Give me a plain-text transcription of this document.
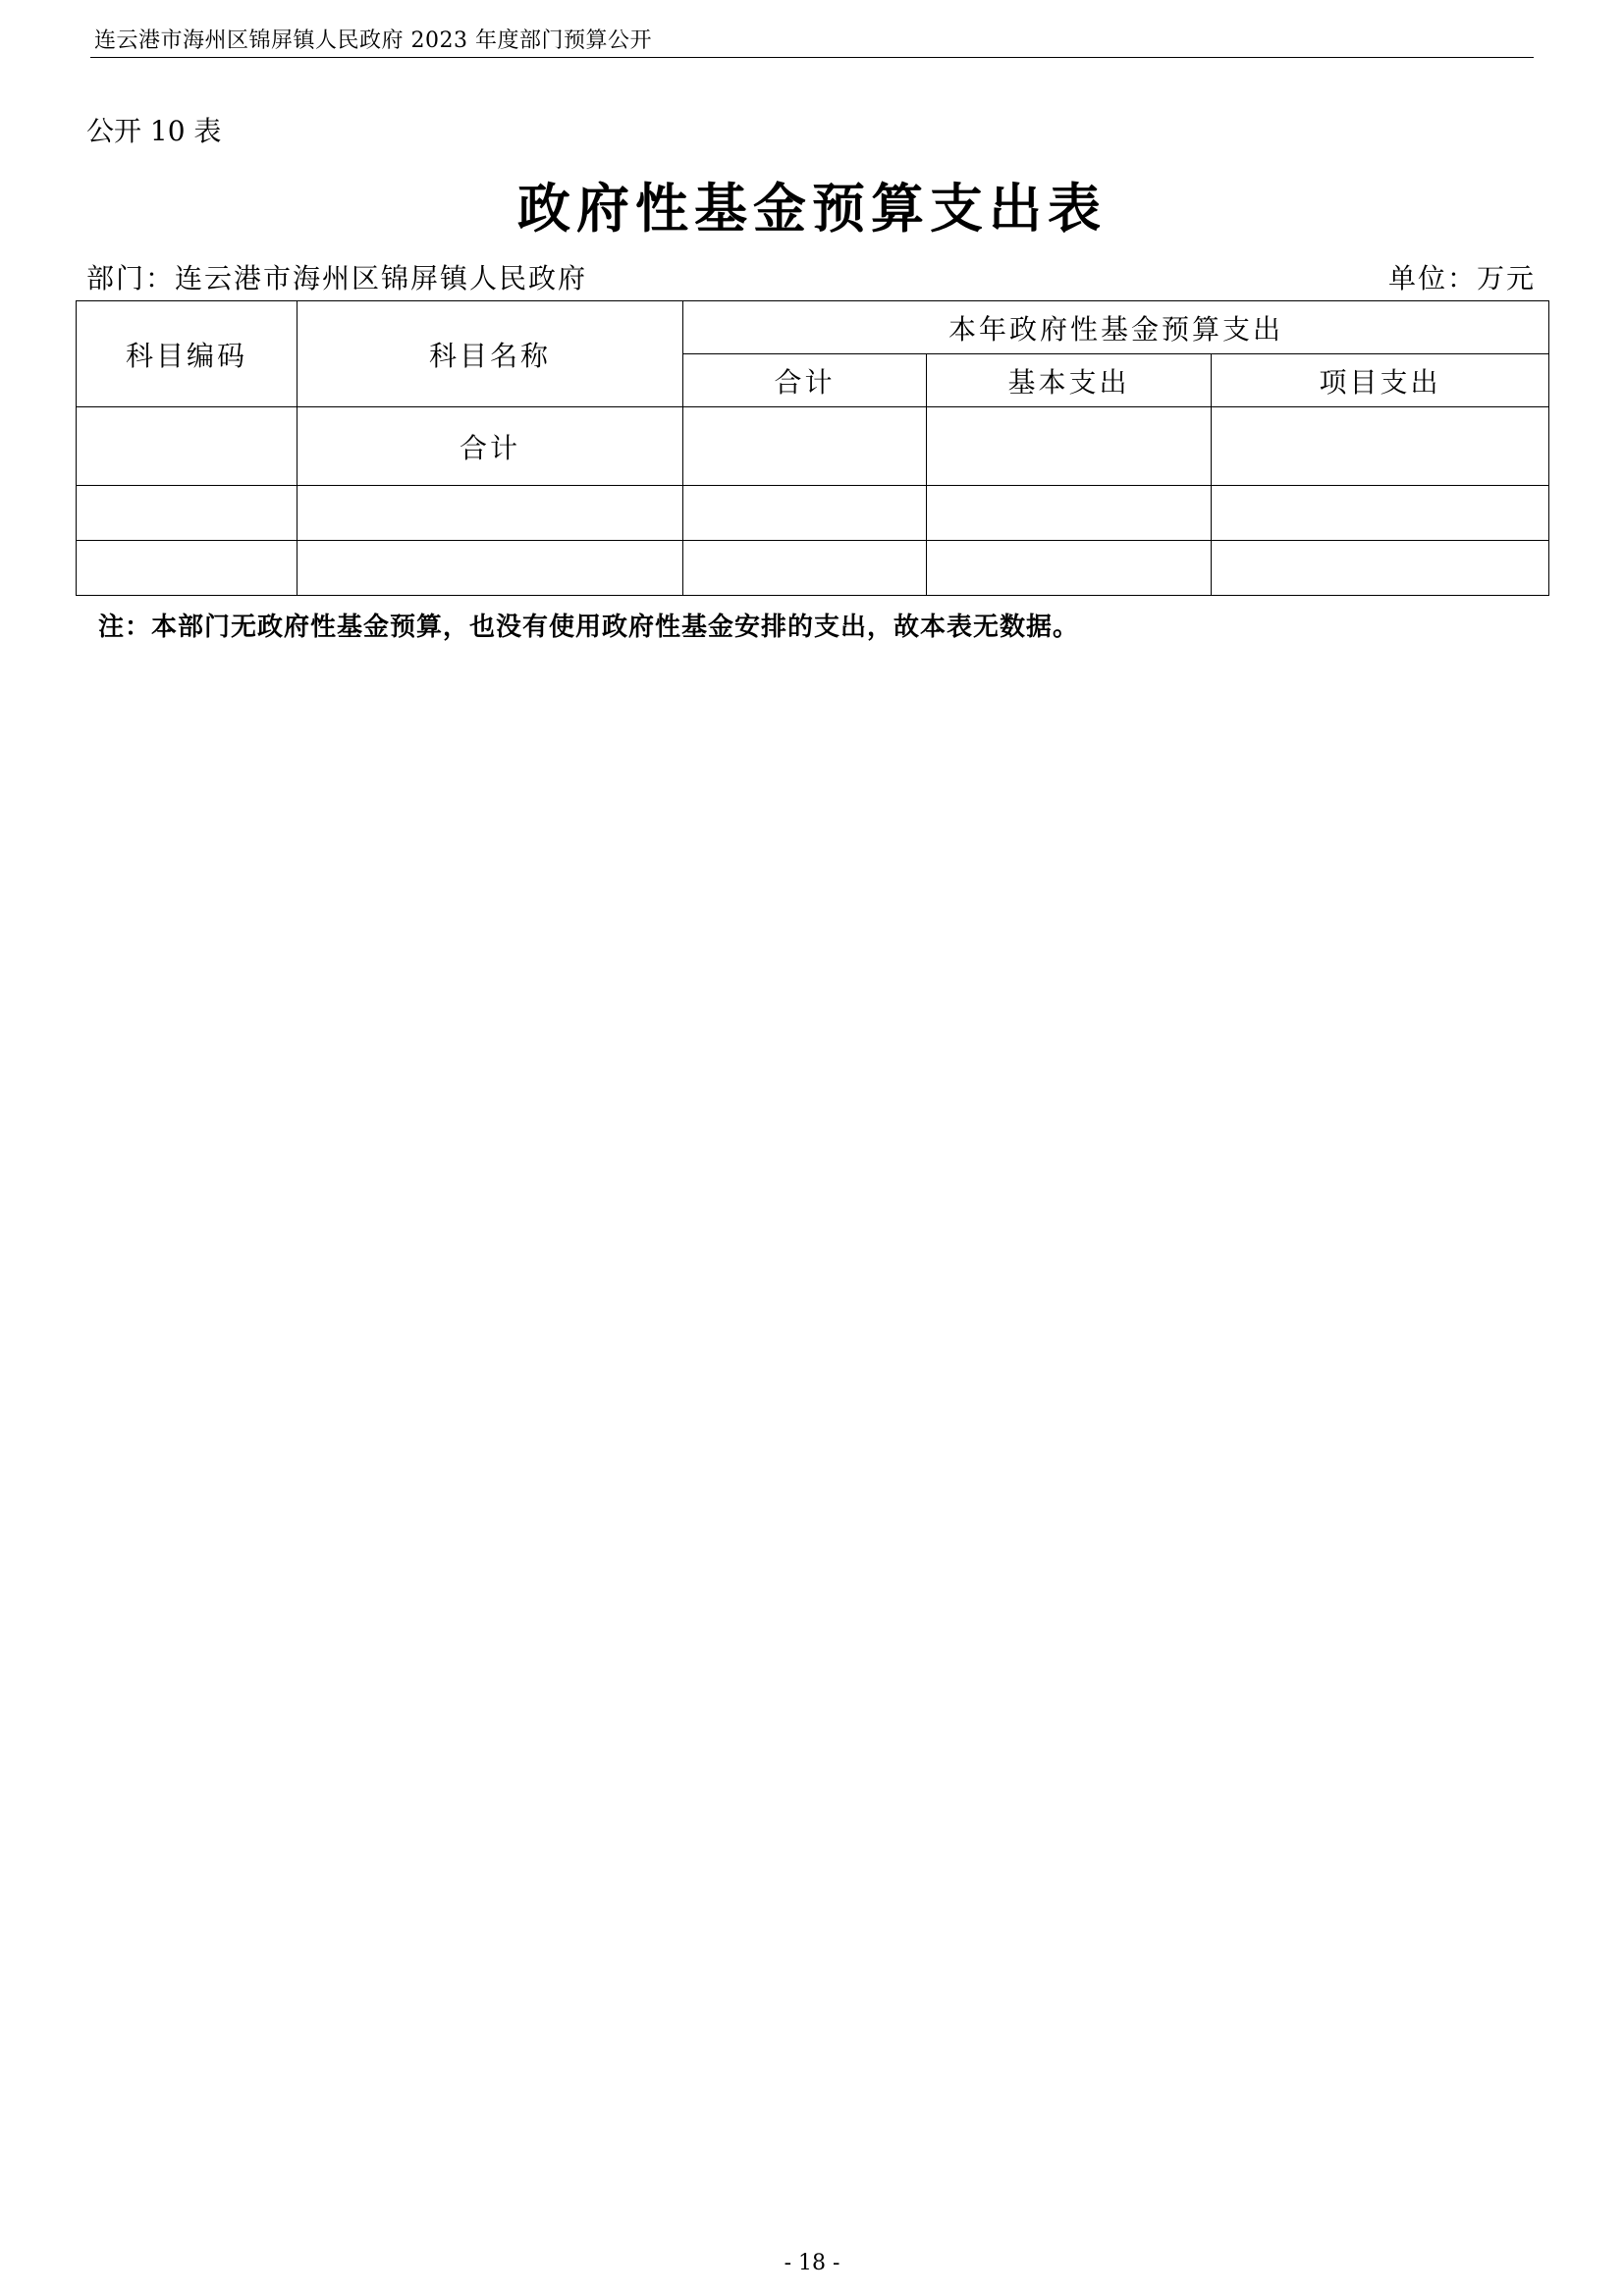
连云港市海州区锦屏镇人民政府 2023 年度部门预算公开
公开 10 表
政府性基金预算支出表
部门：连云港市海州区锦屏镇人民政府	单位：万元
科目编码	科目名称	本年政府性基金预算支出		
		合计	基本支出	项目支出
	合计			

注：本部门无政府性基金预算，也没有使用政府性基金安排的支出，故本表无数据。
- 18 -
